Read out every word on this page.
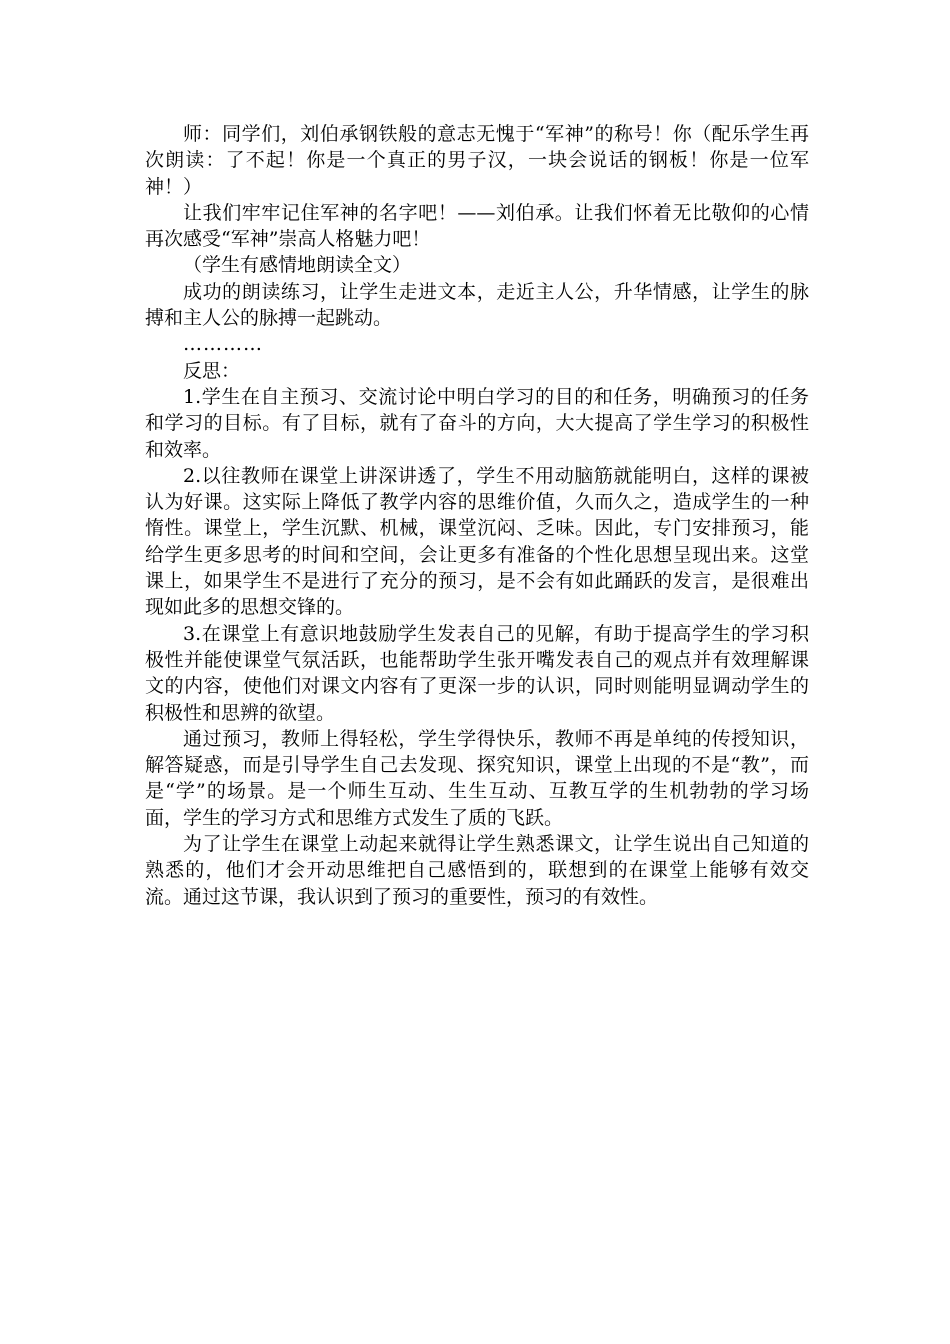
师：同学们，刘伯承钢铁般的意志无愧于“军神”的称号！你（配乐学生再次朗读：了不起！你是一个真正的男子汉，一块会说话的钢板！你是一位军神！）

让我们牢牢记住军神的名字吧！——刘伯承。让我们怀着无比敬仰的心情再次感受“军神”崇高人格魅力吧！

（学生有感情地朗读全文）

成功的朗读练习，让学生走进文本，走近主人公，升华情感，让学生的脉搏和主人公的脉搏一起跳动。

…………

反思：

1.学生在自主预习、交流讨论中明白学习的目的和任务，明确预习的任务和学习的目标。有了目标，就有了奋斗的方向，大大提高了学生学习的积极性和效率。

2.以往教师在课堂上讲深讲透了，学生不用动脑筋就能明白，这样的课被认为好课。这实际上降低了教学内容的思维价值，久而久之，造成学生的一种惰性。课堂上，学生沉默、机械，课堂沉闷、乏味。因此，专门安排预习，能给学生更多思考的时间和空间，会让更多有准备的个性化思想呈现出来。这堂课上，如果学生不是进行了充分的预习，是不会有如此踊跃的发言，是很难出现如此多的思想交锋的。

3.在课堂上有意识地鼓励学生发表自己的见解，有助于提高学生的学习积极性并能使课堂气氛活跃，也能帮助学生张开嘴发表自己的观点并有效理解课文的内容，使他们对课文内容有了更深一步的认识，同时则能明显调动学生的积极性和思辨的欲望。

通过预习，教师上得轻松，学生学得快乐，教师不再是单纯的传授知识，解答疑惑，而是引导学生自己去发现、探究知识，课堂上出现的不是“教”，而是“学”的场景。是一个师生互动、生生互动、互教互学的生机勃勃的学习场面，学生的学习方式和思维方式发生了质的飞跃。

为了让学生在课堂上动起来就得让学生熟悉课文，让学生说出自己知道的熟悉的，他们才会开动思维把自己感悟到的，联想到的在课堂上能够有效交流。通过这节课，我认识到了预习的重要性，预习的有效性。
